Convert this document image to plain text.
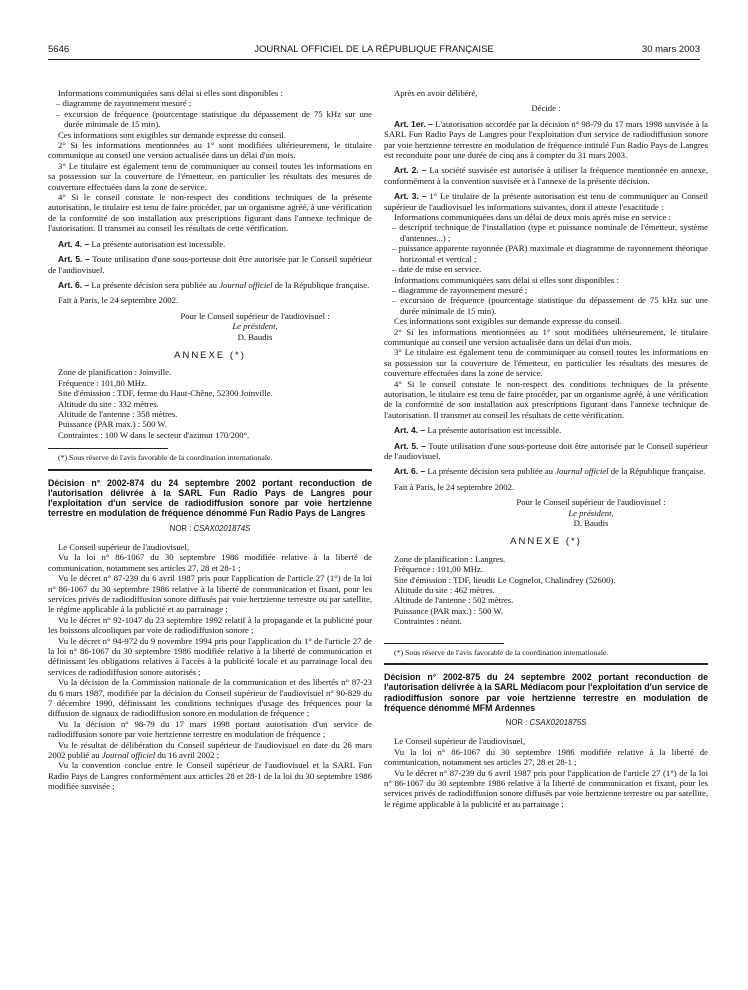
5646	JOURNAL OFFICIEL DE LA RÉPUBLIQUE FRANÇAISE	30 mars 2003

Informations communiquées sans délai si elles sont disponibles :

– diagramme de rayonnement mesuré ;

– excursion de fréquence (pourcentage statistique du dépassement de 75 kHz sur une durée minimale de 15 min).

Ces informations sont exigibles sur demande expresse du conseil.

2° Si les informations mentionnées au 1° sont modifiées ultérieurement, le titulaire communique au conseil une version actualisée dans un délai d'un mois.

3° Le titulaire est également tenu de communiquer au conseil toutes les informations en sa possession sur la couverture de l'émetteur, en particulier les résultats des mesures de couverture effectuées dans la zone de service.

4° Si le conseil constate le non-respect des conditions techniques de la présente autorisation, le titulaire est tenu de faire procéder, par un organisme agréé, à une vérification de la conformité de son installation aux prescriptions figurant dans l'annexe technique de l'autorisation. Il transmet au conseil les résultats de cette vérification.

Art. 4. – La présente autorisation est incessible.

Art. 5. – Toute utilisation d'une sous-porteuse doit être autorisée par le Conseil supérieur de l'audiovisuel.

Art. 6. – La présente décision sera publiée au Journal officiel de la République française.

Fait à Paris, le 24 septembre 2002.

Pour le Conseil supérieur de l'audiovisuel :

Le président,

D. Baudis

ANNEXE (*)

Zone de planification : Joinville.

Fréquence : 101,80 MHz.

Site d'émission : TDF, ferme du Haut-Chêne, 52300 Joinville.

Altitude du site : 332 mètres.

Altitude de l'antenne : 358 mètres.

Puissance (PAR max.) : 500 W.

Contraintes : 100 W dans le secteur d'azimut 170/200°.

(*) Sous réserve de l'avis favorable de la coordination internationale.

Décision n° 2002-874 du 24 septembre 2002 portant reconduction de l'autorisation délivrée à la SARL Fun Radio Pays de Langres pour l'exploitation d'un service de radiodiffusion sonore par voie hertzienne terrestre en modulation de fréquence dénommé Fun Radio Pays de Langres

NOR : CSAX0201874S

Le Conseil supérieur de l'audiovisuel,

Vu la loi n° 86-1067 du 30 septembre 1986 modifiée relative à la liberté de communication, notamment ses articles 27, 28 et 28-1 ;

Vu le décret n° 87-239 du 6 avril 1987 pris pour l'application de l'article 27 (1°) de la loi n° 86-1067 du 30 septembre 1986 relative à la liberté de communication et fixant, pour les services privés de radiodiffusion sonore diffusés par voie hertzienne terrestre ou par satellite, le régime applicable à la publicité et au parrainage ;

Vu le décret n° 92-1047 du 23 septembre 1992 relatif à la propagande et la publicité pour les boissons alcooliques par voie de radiodiffusion sonore ;

Vu le décret n° 94-972 du 9 novembre 1994 pris pour l'application du 1° de l'article 27 de la loi n° 86-1067 du 30 septembre 1986 modifiée relative à la liberté de communication et définissant les obligations relatives à l'accès à la publicité locale et au parrainage local des services de radiodiffusion sonore autorisés ;

Vu la décision de la Commission nationale de la communication et des libertés n° 87-23 du 6 mars 1987, modifiée par la décision du Conseil supérieur de l'audiovisuel n° 90-829 du 7 décembre 1990, définissant les conditions techniques d'usage des fréquences pour la diffusion de signaux de radiodiffusion sonore en modulation de fréquence ;

Vu la décision n° 98-79 du 17 mars 1998 portant autorisation d'un service de radiodiffusion sonore par voie hertzienne terrestre en modulation de fréquence ;

Vu le résultat de délibération du Conseil supérieur de l'audiovisuel en date du 26 mars 2002 publié au Journal officiel du 16 avril 2002 ;

Vu la convention conclue entre le Conseil supérieur de l'audiovisuel et la SARL Fun Radio Pays de Langres conformément aux articles 28 et 28-1 de la loi du 30 septembre 1986 modifiée susvisée ;

Après en avoir délibéré,

Décide :

Art. 1er. – L'autorisation accordée par la décision n° 98-79 du 17 mars 1998 susvisée à la SARL Fun Radio Pays de Langres pour l'exploitation d'un service de radiodiffusion sonore par voie hertzienne terrestre en modulation de fréquence intitulé Fun Radio Pays de Langres est reconduite pour une durée de cinq ans à compter du 31 mars 2003.

Art. 2. – La société susvisée est autorisée à utiliser la fréquence mentionnée en annexe, conformément à la convention susvisée et à l'annexe de la présente décision.

Art. 3. – 1° Le titulaire de la présente autorisation est tenu de communiquer au Conseil supérieur de l'audiovisuel les informations suivantes, dont il atteste l'exactitude :

Informations communiquées dans un délai de deux mois après mise en service :

– descriptif technique de l'installation (type et puissance nominale de l'émetteur, système d'antennes...) ;

– puissance apparente rayonnée (PAR) maximale et diagramme de rayonnement théorique horizontal et vertical ;

– date de mise en service.

Informations communiquées sans délai si elles sont disponibles :

– diagramme de rayonnement mesuré ;

– excursion de fréquence (pourcentage statistique du dépassement de 75 kHz sur une durée minimale de 15 min).

Ces informations sont exigibles sur demande expresse du conseil.

2° Si les informations mentionnées au 1° sont modifiées ultérieurement, le titulaire communique au conseil une version actualisée dans un délai d'un mois.

3° Le titulaire est également tenu de communiquer au conseil toutes les informations en sa possession sur la couverture de l'émetteur, en particulier les résultats des mesures de couverture effectuées dans la zone de service.

4° Si le conseil constate le non-respect des conditions techniques de la présente autorisation, le titulaire est tenu de faire procéder, par un organisme agréé, à une vérification de la conformité de son installation aux prescriptions figurant dans l'annexe technique de l'autorisation. Il transmet au conseil les résultats de cette vérification.

Art. 4. – La présente autorisation est incessible.

Art. 5. – Toute utilisation d'une sous-porteuse doit être autorisée par le Conseil supérieur de l'audiovisuel.

Art. 6. – La présente décision sera publiée au Journal officiel de la République française.

Fait à Paris, le 24 septembre 2002.

Pour le Conseil supérieur de l'audiovisuel :

Le président,

D. Baudis

ANNEXE (*)

Zone de planification : Langres.

Fréquence : 101,00 MHz.

Site d'émission : TDF, lieudit Le Cognelot, Chalindrey (52600).

Altitude du site : 462 mètres.

Altitude de l'antenne : 502 mètres.

Puissance (PAR max.) : 500 W.

Contraintes : néant.

(*) Sous réserve de l'avis favorable de la coordination internationale.

Décision n° 2002-875 du 24 septembre 2002 portant reconduction de l'autorisation délivrée à la SARL Médiacom pour l'exploitation d'un service de radiodiffusion sonore par voie hertzienne terrestre en modulation de fréquence dénommé MFM Ardennes

NOR : CSAX0201875S

Le Conseil supérieur de l'audiovisuel,

Vu la loi n° 86-1067 du 30 septembre 1986 modifiée relative à la liberté de communication, notamment ses articles 27, 28 et 28-1 ;

Vu le décret n° 87-239 du 6 avril 1987 pris pour l'application de l'article 27 (1°) de la loi n° 86-1067 du 30 septembre 1986 relative à la liberté de communication et fixant, pour les services privés de radiodiffusion sonore diffusés par voie hertzienne terrestre ou par satellite, le régime applicable à la publicité et au parrainage ;
